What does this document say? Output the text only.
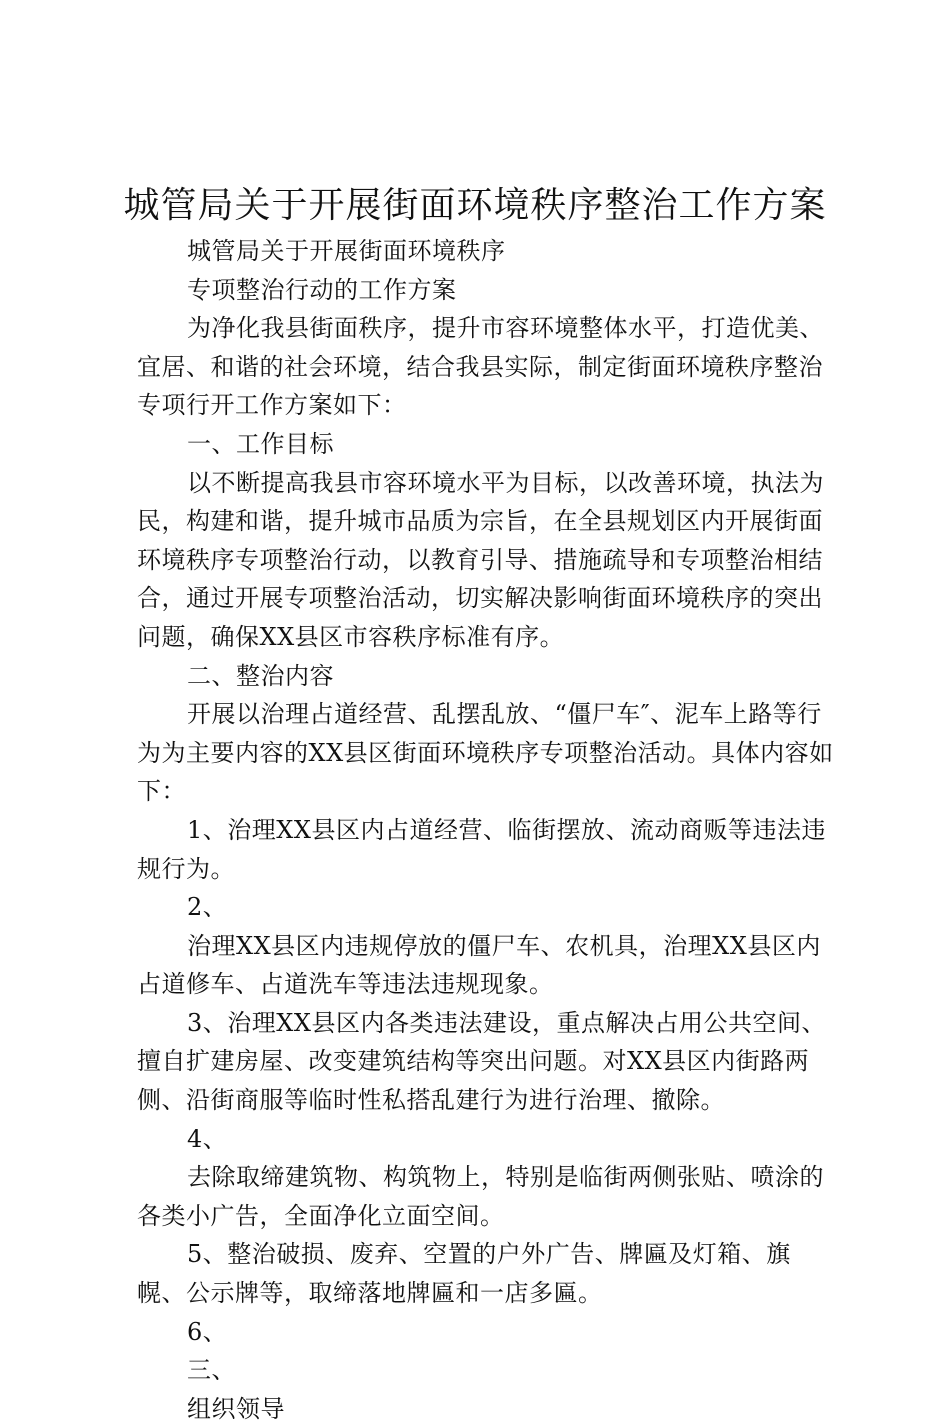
城管局关于开展街面环境秩序整治工作方案

城管局关于开展街面环境秩序

专项整治行动的工作方案

为净化我县街面秩序，提升市容环境整体水平，打造优美、宜居、和谐的社会环境，结合我县实际，制定街面环境秩序整治专项行开工作方案如下：

一、工作目标

以不断提高我县市容环境水平为目标，以改善环境，执法为民，构建和谐，提升城市品质为宗旨，在全县规划区内开展街面环境秩序专项整治行动，以教育引导、措施疏导和专项整治相结合，通过开展专项整治活动，切实解决影响街面环境秩序的突出问题，确保XX县区市容秩序标准有序。

二、整治内容

开展以治理占道经营、乱摆乱放、“僵尸车″、泥车上路等行为为主要内容的XX县区街面环境秩序专项整治活动。具体内容如下：

1、治理XX县区内占道经营、临街摆放、流动商贩等违法违规行为。

2、

治理XX县区内违规停放的僵尸车、农机具，治理XX县区内占道修车、占道洗车等违法违规现象。

3、治理XX县区内各类违法建设，重点解决占用公共空间、擅自扩建房屋、改变建筑结构等突出问题。对XX县区内街路两侧、沿街商服等临时性私搭乱建行为进行治理、撤除。

4、

去除取缔建筑物、构筑物上，特别是临街两侧张贴、喷涂的各类小广告，全面净化立面空间。

5、整治破损、废弃、空置的户外广告、牌匾及灯箱、旗幌、公示牌等，取缔落地牌匾和一店多匾。

6、

三、

组织领导
